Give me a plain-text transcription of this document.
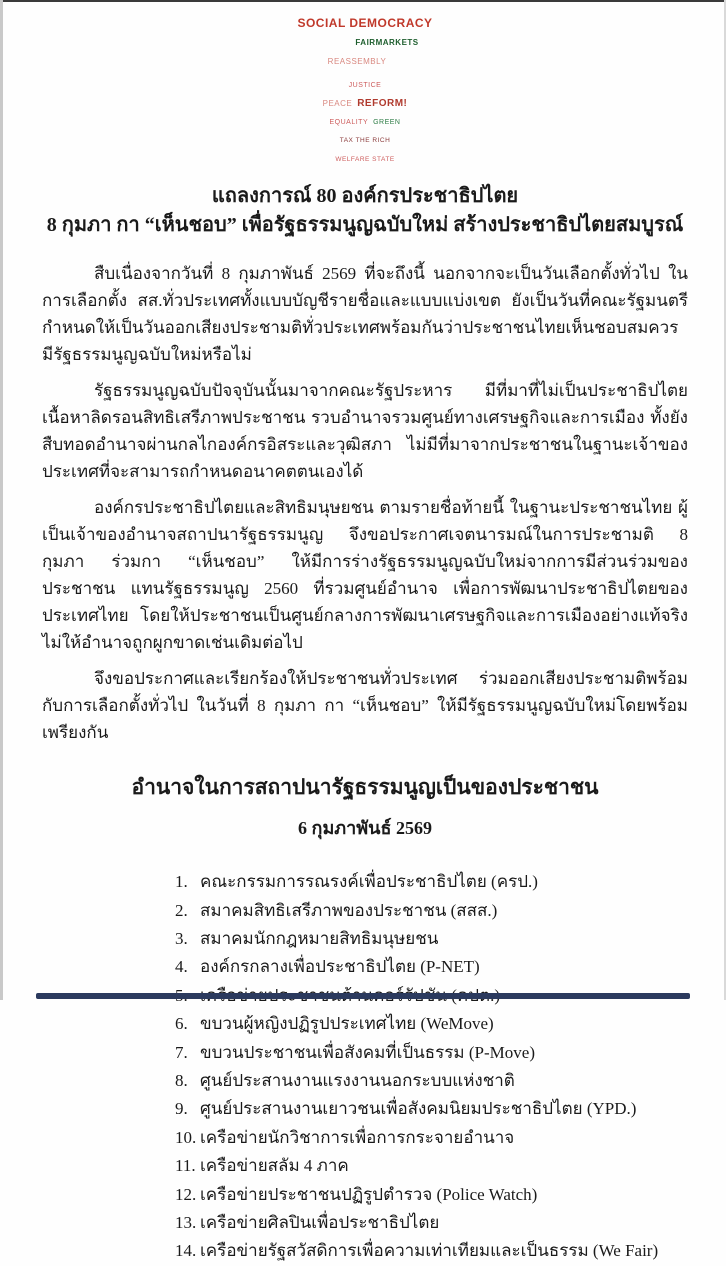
SOCIAL DEMOCRACY
FAIRMARKETS
REASSEMBLY
JUSTICE
PEACE REFORM!
EQUALITY GREEN
TAX THE RICH
WELFARE STATE
แถลงการณ์ 80 องค์กรประชาธิปไตย
8 กุมภา กา “เห็นชอบ” เพื่อรัฐธรรมนูญฉบับใหม่ สร้างประชาธิปไตยสมบูรณ์

สืบเนื่องจากวันที่ 8 กุมภาพันธ์ 2569 ที่จะถึงนี้ นอกจากจะเป็นวันเลือกตั้งทั่วไป ในการเลือกตั้ง สส.ทั่วประเทศทั้งแบบบัญชีรายชื่อและแบบแบ่งเขต ยังเป็นวันที่คณะรัฐมนตรีกำหนดให้เป็นวันออกเสียงประชามติทั่วประเทศพร้อมกันว่าประชาชนไทยเห็นชอบสมควรมีรัฐธรรมนูญฉบับใหม่หรือไม่

รัฐธรรมนูญฉบับปัจจุบันนั้นมาจากคณะรัฐประหาร มีที่มาที่ไม่เป็นประชาธิปไตย เนื้อหาลิดรอนสิทธิเสรีภาพประชาชน รวบอำนาจรวมศูนย์ทางเศรษฐกิจและการเมือง ทั้งยังสืบทอดอำนาจผ่านกลไกองค์กรอิสระและวุฒิสภา ไม่มีที่มาจากประชาชนในฐานะเจ้าของประเทศที่จะสามารถกำหนดอนาคตตนเองได้

องค์กรประชาธิปไตยและสิทธิมนุษยชน ตามรายชื่อท้ายนี้ ในฐานะประชาชนไทย ผู้เป็นเจ้าของอำนาจสถาปนารัฐธรรมนูญ จึงขอประกาศเจตนารมณ์ในการประชามติ 8 กุมภา ร่วมกา “เห็นชอบ” ให้มีการร่างรัฐธรรมนูญฉบับใหม่จากการมีส่วนร่วมของประชาชน แทนรัฐธรรมนูญ 2560 ที่รวมศูนย์อำนาจ เพื่อการพัฒนาประชาธิปไตยของประเทศไทย โดยให้ประชาชนเป็นศูนย์กลางการพัฒนาเศรษฐกิจและการเมืองอย่างแท้จริง ไม่ให้อำนาจถูกผูกขาดเช่นเดิมต่อไป

จึงขอประกาศและเรียกร้องให้ประชาชนทั่วประเทศ ร่วมออกเสียงประชามติพร้อมกับการเลือกตั้งทั่วไป ในวันที่ 8 กุมภา กา “เห็นชอบ” ให้มีรัฐธรรมนูญฉบับใหม่โดยพร้อมเพรียงกัน

อำนาจในการสถาปนารัฐธรรมนูญเป็นของประชาชน
6 กุมภาพันธ์ 2569
1. คณะกรรมการรณรงค์เพื่อประชาธิปไตย (ครป.)
2. สมาคมสิทธิเสรีภาพของประชาชน (สสส.)
3. สมาคมนักกฎหมายสิทธิมนุษยชน
4. องค์กรกลางเพื่อประชาธิปไตย (P-NET)
6. ขบวนผู้หญิงปฏิรูปประเทศไทย (WeMove)
7. ขบวนประชาชนเพื่อสังคมที่เป็นธรรม (P-Move)
8. ศูนย์ประสานงานแรงงานนอกระบบแห่งชาติ
9. ศูนย์ประสานงานเยาวชนเพื่อสังคมนิยมประชาธิปไตย (YPD.)
10. เครือข่ายนักวิชาการเพื่อการกระจายอำนาจ
11. เครือข่ายสลัม 4 ภาค
12. เครือข่ายประชาชนปฏิรูปตำรวจ (Police Watch)
13. เครือข่ายศิลปินเพื่อประชาธิปไตย
14. เครือข่ายรัฐสวัสดิการเพื่อความเท่าเทียมและเป็นธรรม (We Fair)
